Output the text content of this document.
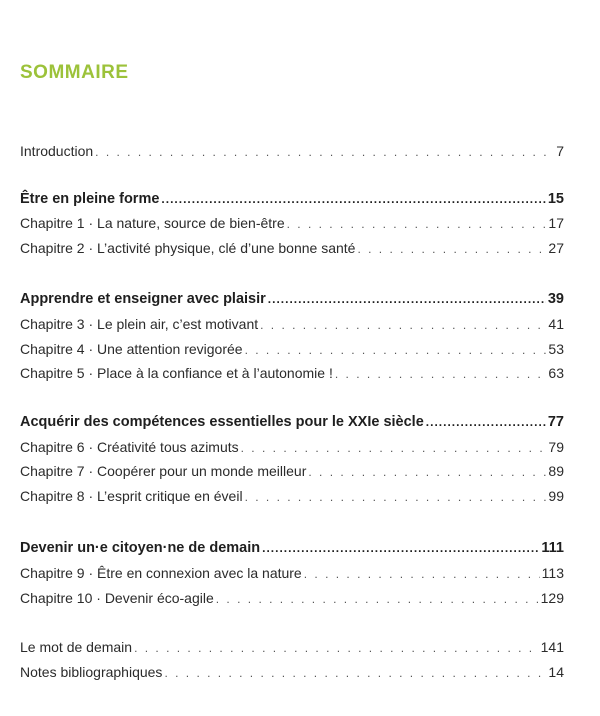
SOMMAIRE
Introduction . . .	7
Être en pleine forme .....	15
Chapitre 1 · La nature, source de bien-être . . .	17
Chapitre 2 · L’activité physique, clé d’une bonne santé . . .	27
Apprendre et enseigner avec plaisir .....	39
Chapitre 3 · Le plein air, c’est motivant . . .	41
Chapitre 4 · Une attention revigorée . . .	53
Chapitre 5 · Place à la confiance et à l’autonomie ! . . .	63
Acquérir des compétences essentielles pour le XXIe siècle .....	77
Chapitre 6 · Créativité tous azimuts . . .	79
Chapitre 7 · Coopérer pour un monde meilleur . . .	89
Chapitre 8 · L’esprit critique en éveil . . .	99
Devenir un·e citoyen·ne de demain .....	111
Chapitre 9 · Être en connexion avec la nature . . .	113
Chapitre 10 · Devenir éco-agile . . .	129
Le mot de demain . . .	141
Notes bibliographiques . . .	14
